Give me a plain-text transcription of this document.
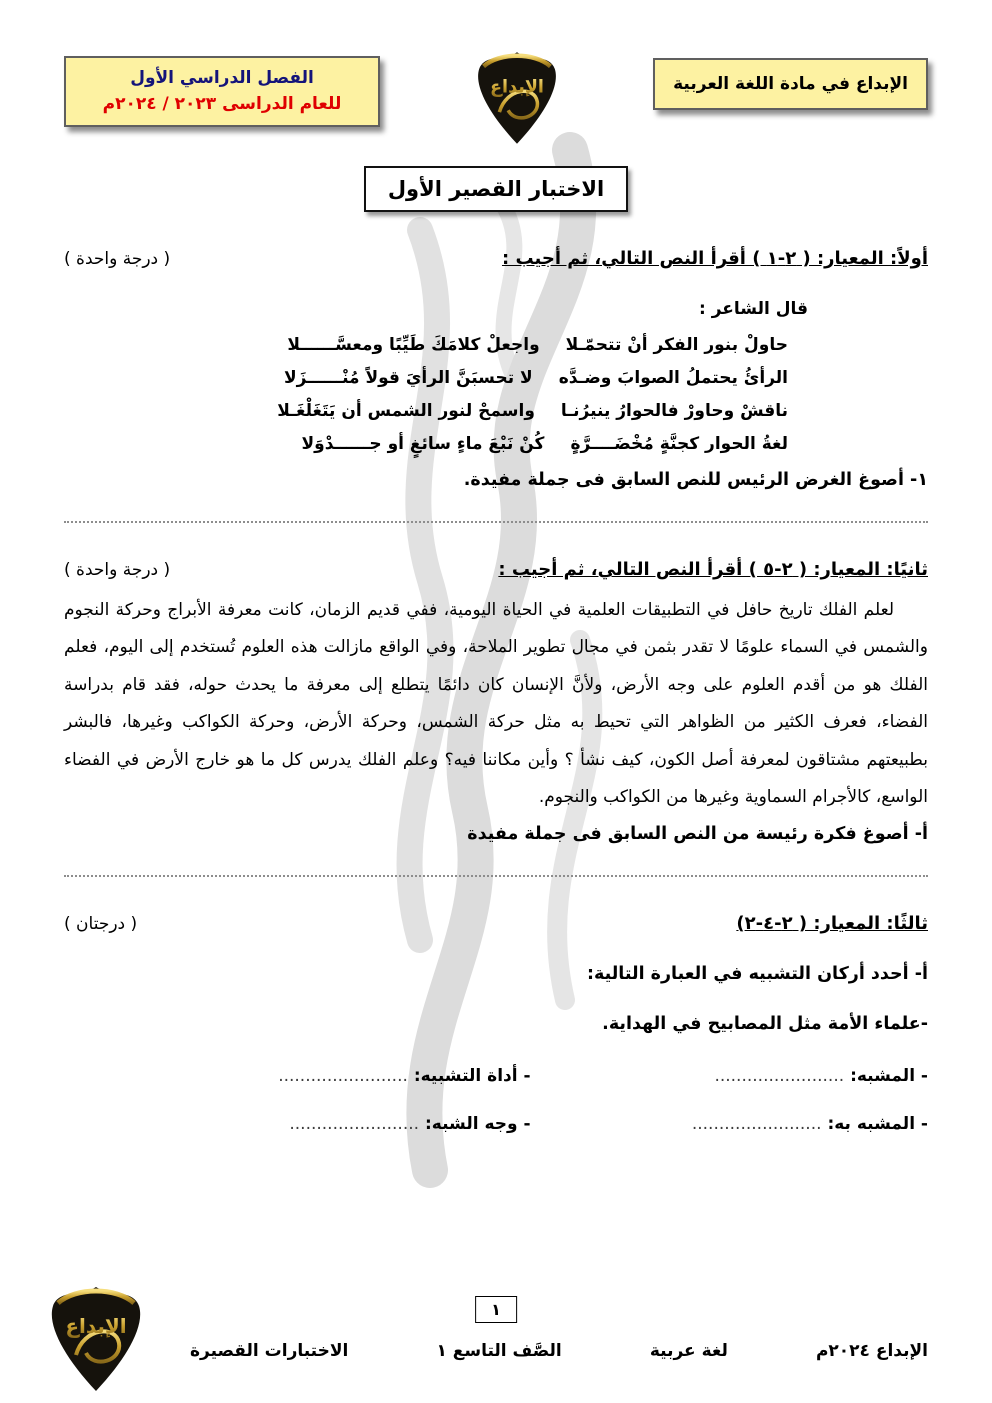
الإبداع في مادة اللغة العربية
الإبداع
الفصل الدراسي الأول
للعام الدراسى ٢٠٢٣ / ٢٠٢٤م
الاختبار القصير الأول
أولاً: المعيار: ( ٢-١ ) أقرأ النص التالي، ثم أجيب :
( درجة واحدة )

قال الشاعر :

حاولْ بنور الفكر أنْ تتحمّـلا
واجعلْ كلامَكَ طَيِّبًا ومعسَّــــــلا
الرأئُ يحتملُ الصوابَ وضـدَّه
لا تحسبَنَّ الرأيَ قولاً مُنْــــــزَلا
ناقشْ وحاورْ فالحوارُ ينيرُنـا
واسمحْ لنور الشمس أن يَتَغَلْغَـلا
لغةُ الحوار كجنَّةٍ مُخْضَــــرَّةٍ
كُنْ نَبْعَ ماءٍ سائغٍ أو جــــــدْوَلا

١- أصوغ الغرض الرئيس للنص السابق فى جملة مفيدة.

ثانيًا: المعيار: ( ٢-٥ ) أقرأ النص التالي، ثم أجيب :
( درجة واحدة )

لعلم الفلك تاريخ حافل في التطبيقات العلمية في الحياة اليومية، ففي قديم الزمان، كانت معرفة الأبراج وحركة النجوم والشمس في السماء علومًا لا تقدر بثمن في مجال تطوير الملاحة، وفي الواقع مازالت هذه العلوم تُستخدم إلى اليوم، فعلم الفلك هو من أقدم العلوم على وجه الأرض، ولأنَّ الإنسان كان دائمًا يتطلع إلى معرفة ما يحدث حوله، فقد قام بدراسة الفضاء، فعرف الكثير من الظواهر التي تحيط به مثل حركة الشمس، وحركة الأرض، وحركة الكواكب وغيرها، فالبشر بطبيعتهم مشتاقون لمعرفة أصل الكون، كيف نشأ ؟ وأين مكاننا فيه؟ وعلم الفلك يدرس كل ما هو خارج الأرض في الفضاء الواسع، كالأجرام السماوية وغيرها من الكواكب والنجوم.

أ- أصوغ فكرة رئيسة من النص السابق فى جملة مفيدة

ثالثًا: المعيار: ( ٢-٤-٢)
( درجتان )

أ- أحدد أركان التشبيه في العبارة التالية:

-علماء الأمة مثل المصابيح في الهداية.

- المشبه: ........................
- أداة التشبيه: ........................
- المشبه به: ........................
- وجه الشبه: ........................
١
الإبداع ٢٠٢٤م
لغة عربية
الصَّف التاسع ١
الاختبارات القصيرة
الإبداع
